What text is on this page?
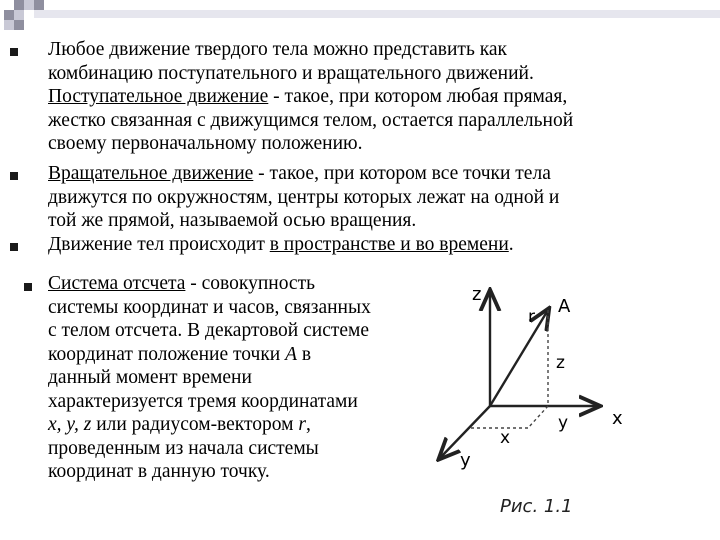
Любое движение твердого тела можно представить как
комбинацию поступательного и вращательного движений.
Поступательное движение - такое, при котором любая прямая,
жестко связанная с движущимся телом, остается параллельной
своему первоначальному положению.
Вращательное движение - такое, при котором все точки тела
движутся по окружностям, центры которых лежат на одной и
той же прямой, называемой осью вращения.
Движение тел происходит в пространстве и во времени.
Система отсчета - совокупность
системы координат и часов, связанных
с телом отсчета. В декартовой системе
координат положение точки A в
данный момент времени
характеризуется тремя координатами
x, y, z или радиусом-вектором r,
проведенным из начала системы
координат в данную точку.
z
x
y
r A
z
x
y
Рис. 1.1
